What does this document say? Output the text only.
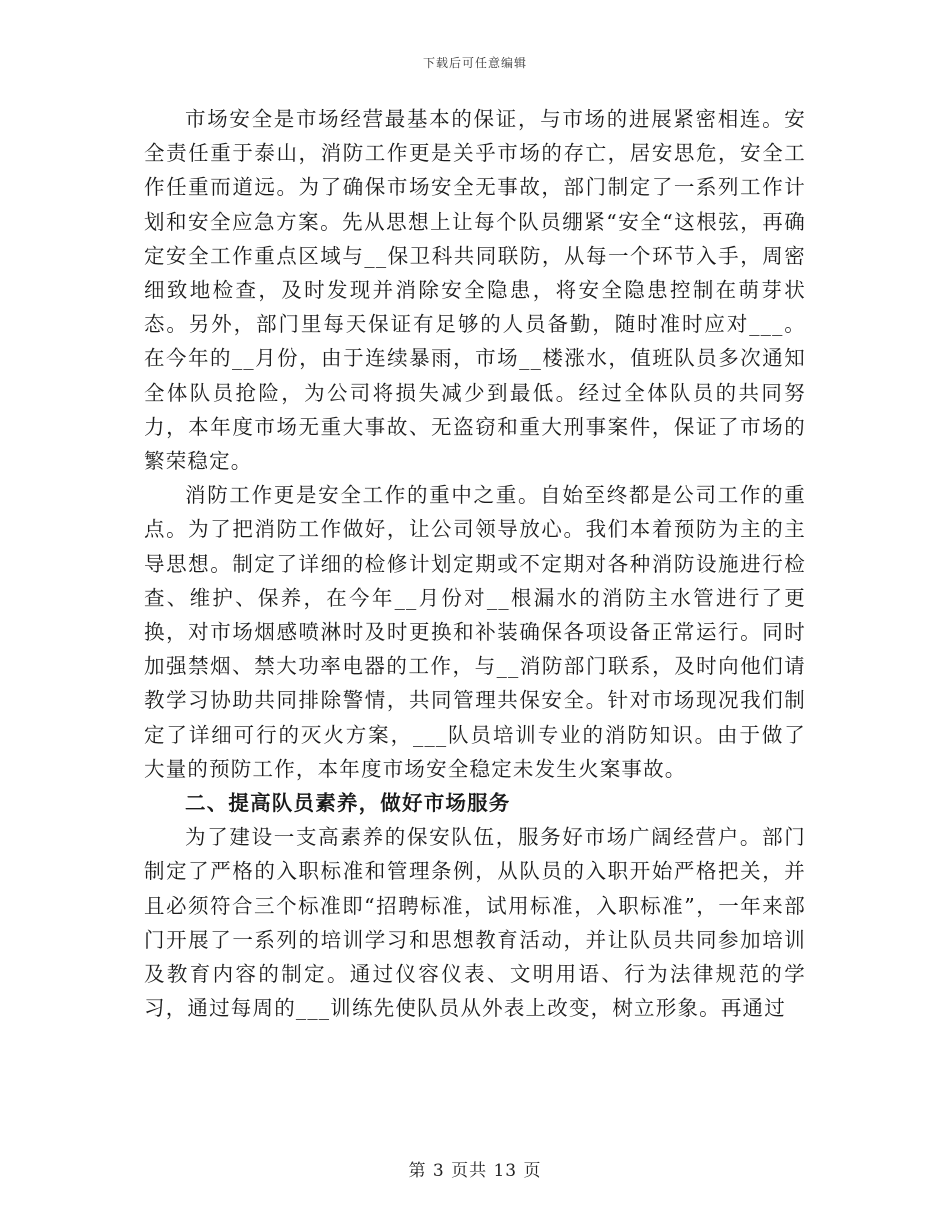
下载后可任意编辑

市场安全是市场经营最基本的保证，与市场的进展紧密相连。安全责任重于泰山，消防工作更是关乎市场的存亡，居安思危，安全工作任重而道远。为了确保市场安全无事故，部门制定了一系列工作计划和安全应急方案。先从思想上让每个队员绷紧“安全“这根弦，再确定安全工作重点区域与__保卫科共同联防，从每一个环节入手，周密细致地检查，及时发现并消除安全隐患，将安全隐患控制在萌芽状态。另外，部门里每天保证有足够的人员备勤，随时准时应对___。在今年的__月份，由于连续暴雨，市场__楼涨水，值班队员多次通知全体队员抢险，为公司将损失减少到最低。经过全体队员的共同努力，本年度市场无重大事故、无盗窃和重大刑事案件，保证了市场的繁荣稳定。

消防工作更是安全工作的重中之重。自始至终都是公司工作的重点。为了把消防工作做好，让公司领导放心。我们本着预防为主的主导思想。制定了详细的检修计划定期或不定期对各种消防设施进行检查、维护、保养，在今年__月份对__根漏水的消防主水管进行了更换，对市场烟感喷淋时及时更换和补装确保各项设备正常运行。同时加强禁烟、禁大功率电器的工作，与__消防部门联系，及时向他们请教学习协助共同排除警情，共同管理共保安全。针对市场现况我们制定了详细可行的灭火方案，___队员培训专业的消防知识。由于做了大量的预防工作，本年度市场安全稳定未发生火案事故。

二、提高队员素养，做好市场服务

为了建设一支高素养的保安队伍，服务好市场广阔经营户。部门制定了严格的入职标准和管理条例，从队员的入职开始严格把关，并且必须符合三个标准即“招聘标准，试用标准，入职标准”，一年来部门开展了一系列的培训学习和思想教育活动，并让队员共同参加培训及教育内容的制定。通过仪容仪表、文明用语、行为法律规范的学习，通过每周的___训练先使队员从外表上改变，树立形象。再通过

第 3 页共 13 页
